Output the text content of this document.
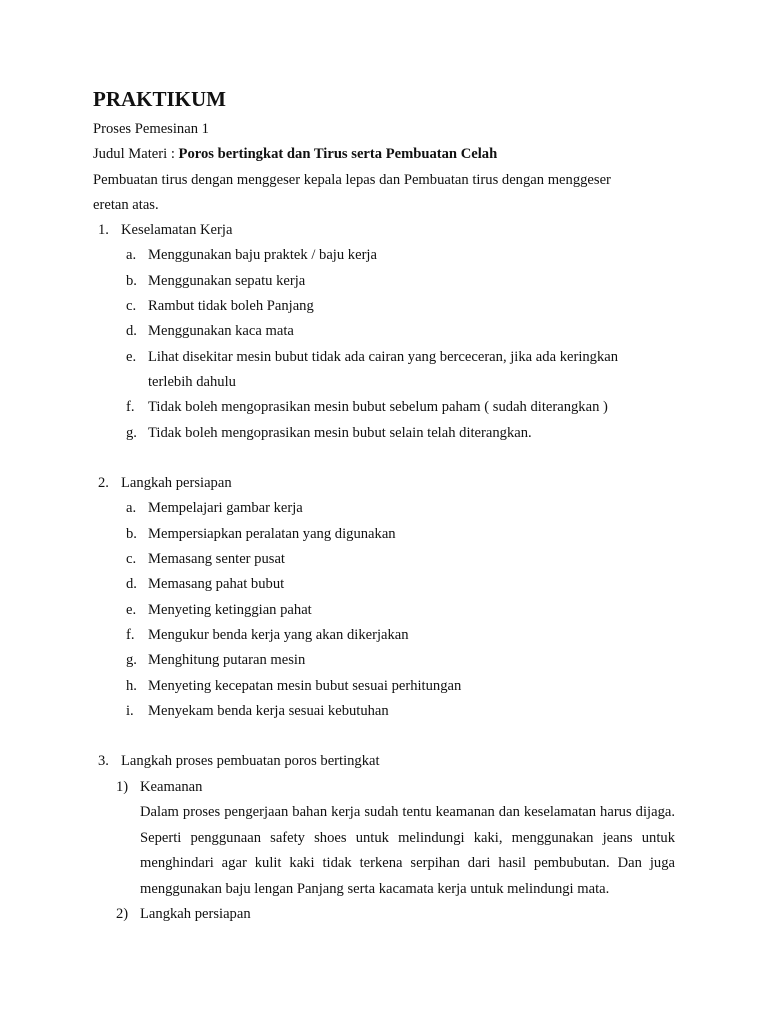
PRAKTIKUM
Proses Pemesinan 1
Judul Materi : Poros bertingkat dan Tirus serta Pembuatan Celah
Pembuatan tirus dengan menggeser kepala lepas dan Pembuatan tirus dengan menggeser
eretan atas.
1. Keselamatan Kerja
a. Menggunakan baju praktek / baju kerja
b. Menggunakan sepatu kerja
c. Rambut tidak boleh Panjang
d. Menggunakan kaca mata
e. Lihat disekitar mesin bubut tidak ada cairan yang berceceran, jika ada keringkan
terlebih dahulu
f. Tidak boleh mengoprasikan mesin bubut sebelum paham ( sudah diterangkan )
g. Tidak boleh mengoprasikan mesin bubut selain telah diterangkan.
2. Langkah persiapan
a. Mempelajari gambar kerja
b. Mempersiapkan peralatan yang digunakan
c. Memasang senter pusat
d. Memasang pahat bubut
e. Menyeting ketinggian pahat
f. Mengukur benda kerja yang akan dikerjakan
g. Menghitung putaran mesin
h. Menyeting kecepatan mesin bubut sesuai perhitungan
i. Menyekam benda kerja sesuai kebutuhan
3. Langkah proses pembuatan poros bertingkat
1) Keamanan
Dalam proses pengerjaan bahan kerja sudah tentu keamanan dan keselamatan harus dijaga. Seperti penggunaan safety shoes untuk melindungi kaki, menggunakan jeans untuk menghindari agar kulit kaki tidak terkena serpihan dari hasil pembubutan. Dan juga menggunakan baju lengan Panjang serta kacamata kerja untuk melindungi mata.
2) Langkah persiapan
